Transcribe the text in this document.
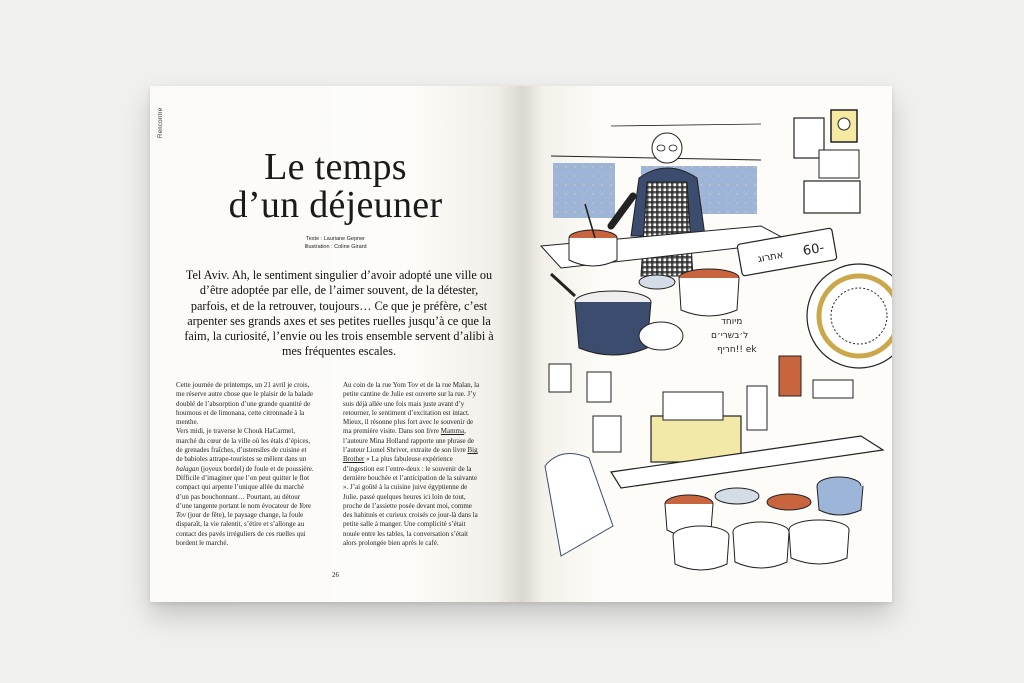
Rencontre
Le temps
d’un déjeuner
Texte : Lauriane Gepner
Illustration : Coline Girard
Tel Aviv. Ah, le sentiment singulier d’avoir adopté une ville ou d’être adoptée par elle, de l’aimer souvent, de la détester, parfois, et de la retrouver, toujours… Ce que je préfère, c’est arpenter ses grands axes et ses petites ruelles jusqu’à ce que la faim, la curiosité, l’envie ou les trois ensemble servent d’alibi à mes fréquentes escales.

Cette journée de printemps, un 21 avril je crois, me réserve autre chose que le plaisir de la balade doublé de l’absorption d’une grande quantité de houmous et de limonana, cette citronnade à la menthe.

Vers midi, je traverse le Chouk HaCarmel, marché du cœur de la ville où les étals d’épices, de grenades fraîches, d’ustensiles de cuisine et de babioles attrape-touristes se mêlent dans un balagan (joyeux bordel) de foule et de poussière. Difficile d’imaginer que l’on peut quitter le flot compact qui arpente l’unique allée du marché d’un pas bouchonnant… Pourtant, au détour d’une tangente portant le nom évocateur de Yom Tov (jour de fête), le paysage change, la foule disparaît, la vie ralentit, s’étire et s’allonge au contact des pavés irréguliers de ces ruelles qui bordent le marché.

Au coin de la rue Yom Tov et de la rue Malan, la petite cantine de Julie est ouverte sur la rue. J’y suis déjà allée une fois mais juste avant d’y retourner, le sentiment d’excitation est intact. Mieux, il résonne plus fort avec le souvenir de ma première visite. Dans son livre Mamma, l’auteure Mina Holland rapporte une phrase de l’auteur Lionel Shriver, extraite de son livre Big Brother « La plus fabuleuse expérience d’ingestion est l’entre-deux : le souvenir de la dernière bouchée et l’anticipation de la suivante ». J’ai goûté à la cuisine juive égyptienne de Julie, passé quelques heures ici loin de tout, proche de l’assiette posée devant moi, comme des habitués et curieux croisés ce jour-là dans la petite salle à manger. Une complicité s’était nouée entre les tables, la conversation s’était alors prolongée bien après le café.

26
אתרוג 60-
מיוחד
ל׳בשרי׳ם
חריף!! ek
